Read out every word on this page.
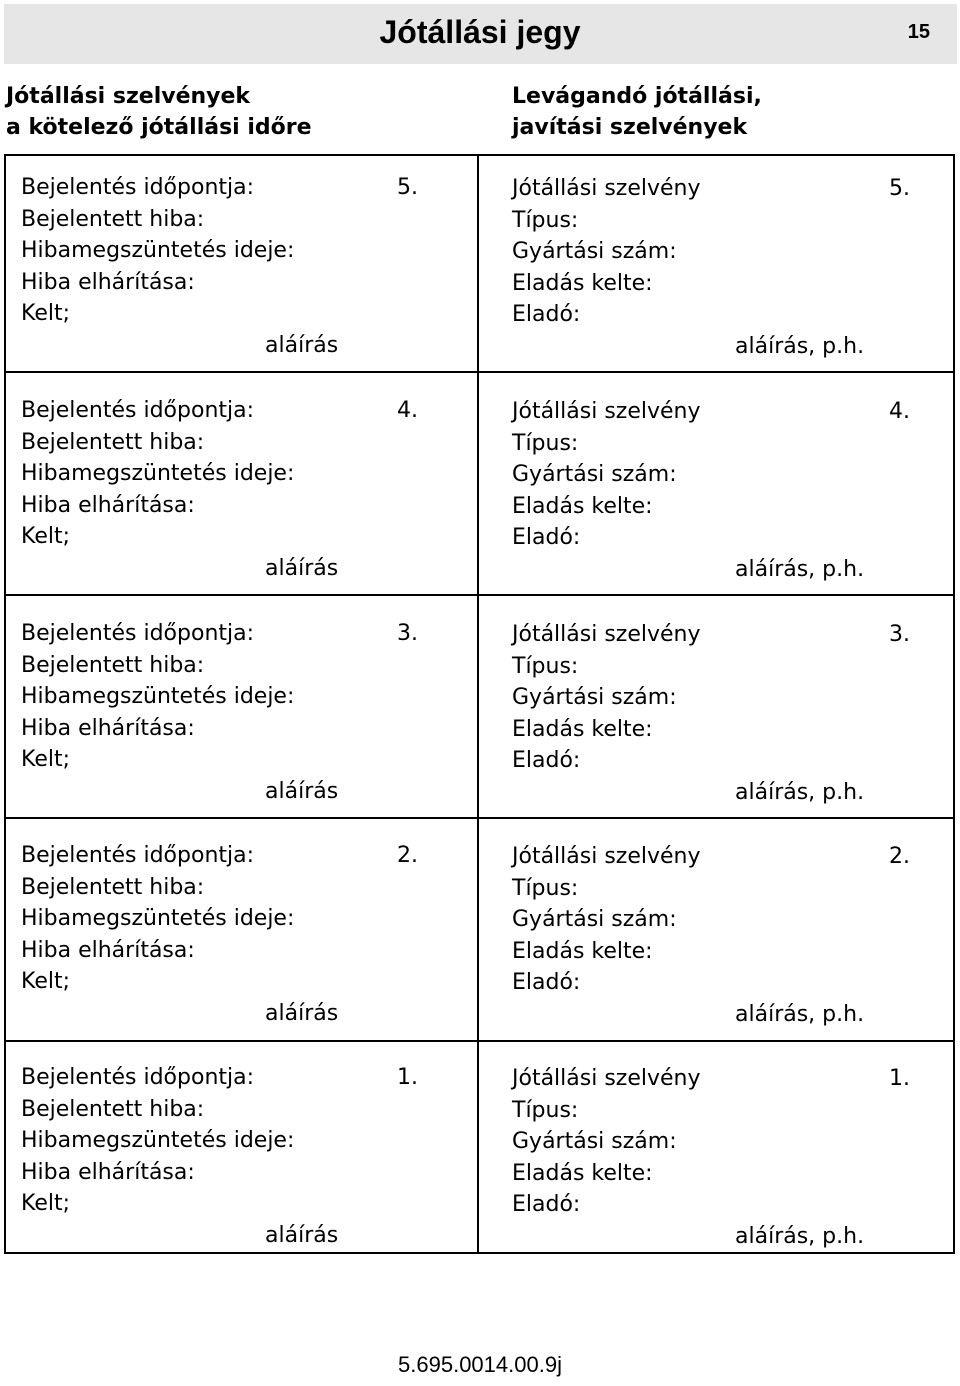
Jótállási jegy	15
Jótállási szelvények
a kötelező jótállási időre
Levágandó jótállási,
javítási szelvények
Bejelentés időpontja:
Bejelentett hiba:
Hibamegszüntetés ideje:
Hiba elhárítása:
Kelt;
aláírás
5.	Jótállási szelvény
Típus:
Gyártási szám:
Eladás kelte:
Eladó:
aláírás, p.h.
5.
Bejelentés időpontja:
Bejelentett hiba:
Hibamegszüntetés ideje:
Hiba elhárítása:
Kelt;
aláírás
4.	Jótállási szelvény
Típus:
Gyártási szám:
Eladás kelte:
Eladó:
aláírás, p.h.
4.
Bejelentés időpontja:
Bejelentett hiba:
Hibamegszüntetés ideje:
Hiba elhárítása:
Kelt;
aláírás
3.	Jótállási szelvény
Típus:
Gyártási szám:
Eladás kelte:
Eladó:
aláírás, p.h.
3.
Bejelentés időpontja:
Bejelentett hiba:
Hibamegszüntetés ideje:
Hiba elhárítása:
Kelt;
aláírás
2.	Jótállási szelvény
Típus:
Gyártási szám:
Eladás kelte:
Eladó:
aláírás, p.h.
2.
Bejelentés időpontja:
Bejelentett hiba:
Hibamegszüntetés ideje:
Hiba elhárítása:
Kelt;
aláírás
1.	Jótállási szelvény
Típus:
Gyártási szám:
Eladás kelte:
Eladó:
aláírás, p.h.
1.
5.695.0014.00.9j
